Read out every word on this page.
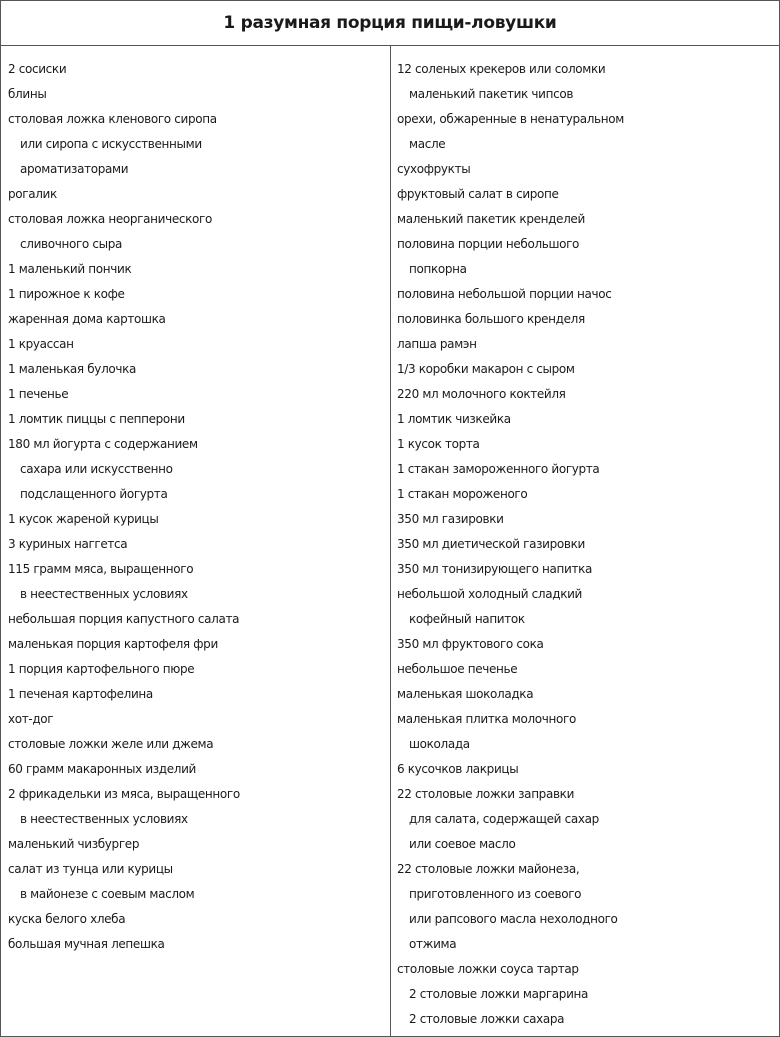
1 разумная порция пищи-ловушки
2 сосиски
блины
столовая ложка кленового сиропа
или сиропа с искусственными
ароматизаторами
рогалик
столовая ложка неорганического
сливочного сыра
1 маленький пончик
1 пирожное к кофе
жаренная дома картошка
1 круассан
1 маленькая булочка
1 печенье
1 ломтик пиццы с пепперони
180 мл йогурта с содержанием
сахара или искусственно
подслащенного йогурта
1 кусок жареной курицы
3 куриных наггетса
115 грамм мяса, выращенного
в неестественных условиях
небольшая порция капустного салата
маленькая порция картофеля фри
1 порция картофельного пюре
1 печеная картофелина
хот-дог
столовые ложки желе или джема
60 грамм макаронных изделий
2 фрикадельки из мяса, выращенного
в неестественных условиях
маленький чизбургер
салат из тунца или курицы
в майонезе с соевым маслом
куска белого хлеба
большая мучная лепешка
12 соленых крекеров или соломки
маленький пакетик чипсов
орехи, обжаренные в ненатуральном
масле
сухофрукты
фруктовый салат в сиропе
маленький пакетик кренделей
половина порции небольшого
попкорна
половина небольшой порции начос
половинка большого кренделя
лапша рамэн
1/3 коробки макарон с сыром
220 мл молочного коктейля
1 ломтик чизкейка
1 кусок торта
1 стакан замороженного йогурта
1 стакан мороженого
350 мл газировки
350 мл диетической газировки
350 мл тонизирующего напитка
небольшой холодный сладкий
кофейный напиток
350 мл фруктового сока
небольшое печенье
маленькая шоколадка
маленькая плитка молочного
шоколада
6 кусочков лакрицы
22 столовые ложки заправки
для салата, содержащей сахар
или соевое масло
22 столовые ложки майонеза,
приготовленного из соевого
или рапсового масла нехолодного
отжима
столовые ложки соуса тартар
2 столовые ложки маргарина
2 столовые ложки сахара
